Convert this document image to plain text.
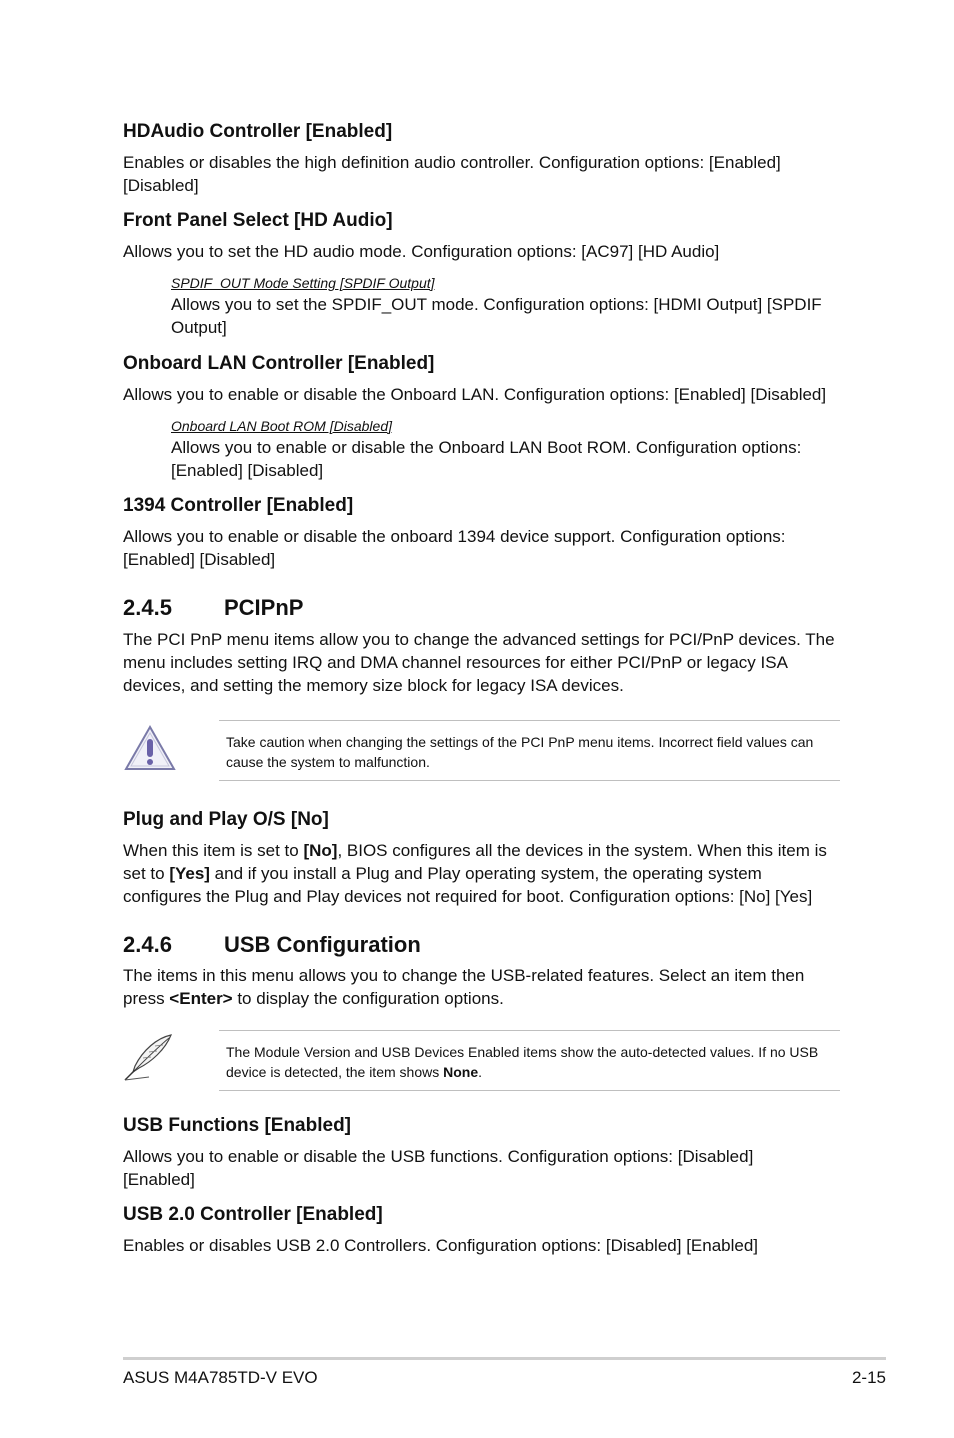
HDAudio Controller [Enabled]
Enables or disables the high definition audio controller. Configuration options: [Enabled] [Disabled]
Front Panel Select [HD Audio]
Allows you to set the HD audio mode. Configuration options: [AC97] [HD Audio]
SPDIF_OUT Mode Setting [SPDIF Output]
Allows you to set the SPDIF_OUT mode. Configuration options: [HDMI Output] [SPDIF Output]
Onboard LAN Controller [Enabled]
Allows you to enable or disable the Onboard LAN. Configuration options: [Enabled] [Disabled]
Onboard LAN Boot ROM [Disabled]
Allows you to enable or disable the Onboard LAN Boot ROM. Configuration options: [Enabled] [Disabled]
1394 Controller [Enabled]
Allows you to enable or disable the onboard 1394 device support. Configuration options: [Enabled] [Disabled]
2.4.5 PCIPnP
The PCI PnP menu items allow you to change the advanced settings for PCI/PnP devices. The menu includes setting IRQ and DMA channel resources for either PCI/PnP or legacy ISA devices, and setting the memory size block for legacy ISA devices.
Take caution when changing the settings of the PCI PnP menu items. Incorrect field values can cause the system to malfunction.
Plug and Play O/S [No]
When this item is set to [No], BIOS configures all the devices in the system. When this item is set to [Yes] and if you install a Plug and Play operating system, the operating system configures the Plug and Play devices not required for boot. Configuration options: [No] [Yes]
2.4.6 USB Configuration
The items in this menu allows you to change the USB-related features. Select an item then press <Enter> to display the configuration options.
The Module Version and USB Devices Enabled items show the auto-detected values. If no USB device is detected, the item shows None.
USB Functions [Enabled]
Allows you to enable or disable the USB functions. Configuration options: [Disabled] [Enabled]
USB 2.0 Controller [Enabled]
Enables or disables USB 2.0 Controllers. Configuration options: [Disabled] [Enabled]
ASUS M4A785TD-V EVO	2-15
